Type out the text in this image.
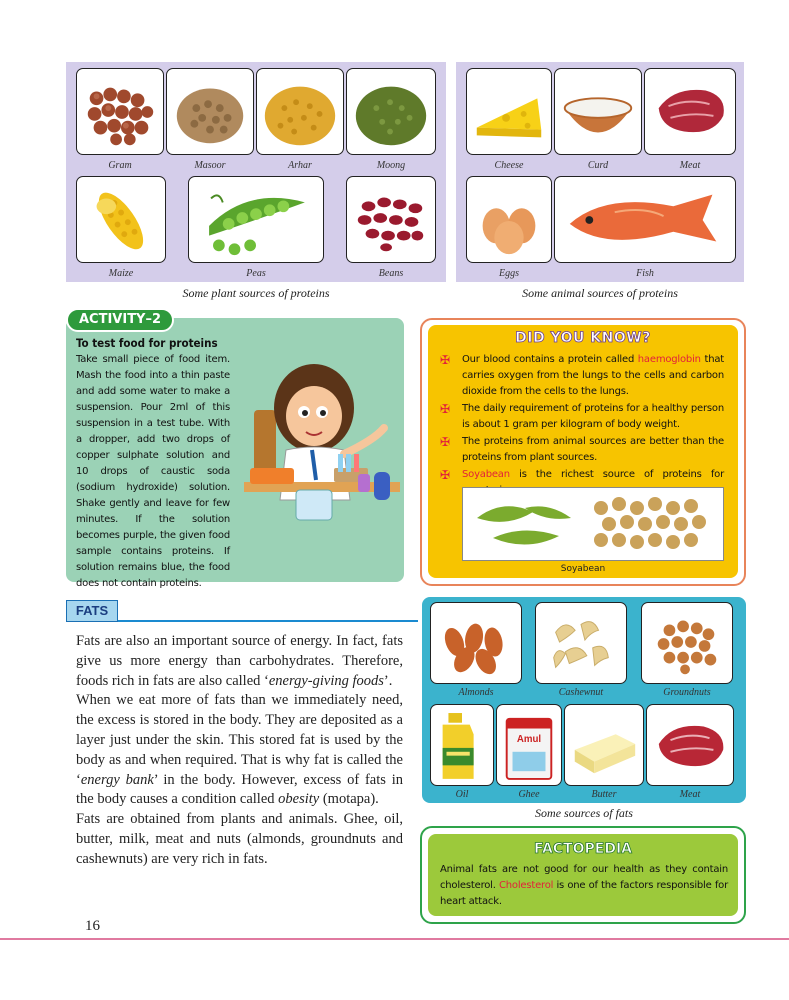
Gram	Masoor	Arhar	Moong
Maize	Peas	Beans
Some plant sources of proteins
Cheese	Curd	Meat
Eggs	Fish
Some animal sources of proteins
ACTIVITY–2
To test food for proteins
Take small piece of food item. Mash the food into a thin paste and add some water to make a suspension. Pour 2ml of this suspension in a test tube. With a dropper, add two drops of copper sulphate solution and 10 drops of caustic soda (sodium hydroxide) solution. Shake gently and leave for few minutes. If the solution becomes purple, the given food sample contains proteins. If solution remains blue, the food does not contain proteins.
DID YOU KNOW?
✠ Our blood contains a protein called haemoglobin that carries oxygen from the lungs to the cells and carbon dioxide from the cells to the lungs.
✠ The daily requirement of proteins for a healthy person is about 1 gram per kilogram of body weight.
✠ The proteins from animal sources are better than the proteins from plant sources.
✠ Soyabean is the richest source of proteins for
Soyabean
FATS

Fats are also an important source of energy. In fact, fats give us more energy than carbohydrates. Therefore, foods rich in fats are also called ‘energy-giving foods’.

When we eat more of fats than we immediately need, the excess is stored in the body. They are deposited as a layer just under the skin. This stored fat is used by the body as and when required. That is why fat is called the ‘energy bank’ in the body. However, excess of fats in the body causes a condition called obesity (motapa).

Fats are obtained from plants and animals. Ghee, oil, butter, milk, meat and nuts (almonds, groundnuts and cashewnuts) are very rich in fats.

Almonds	Cashewnut	Groundnuts
Amul
Oil	Ghee	Butter	Meat
Some sources of fats
FACTOPEDIA
Animal fats are not good for our health as they contain cholesterol. Cholesterol is one of the factors responsible for heart attack.
16
